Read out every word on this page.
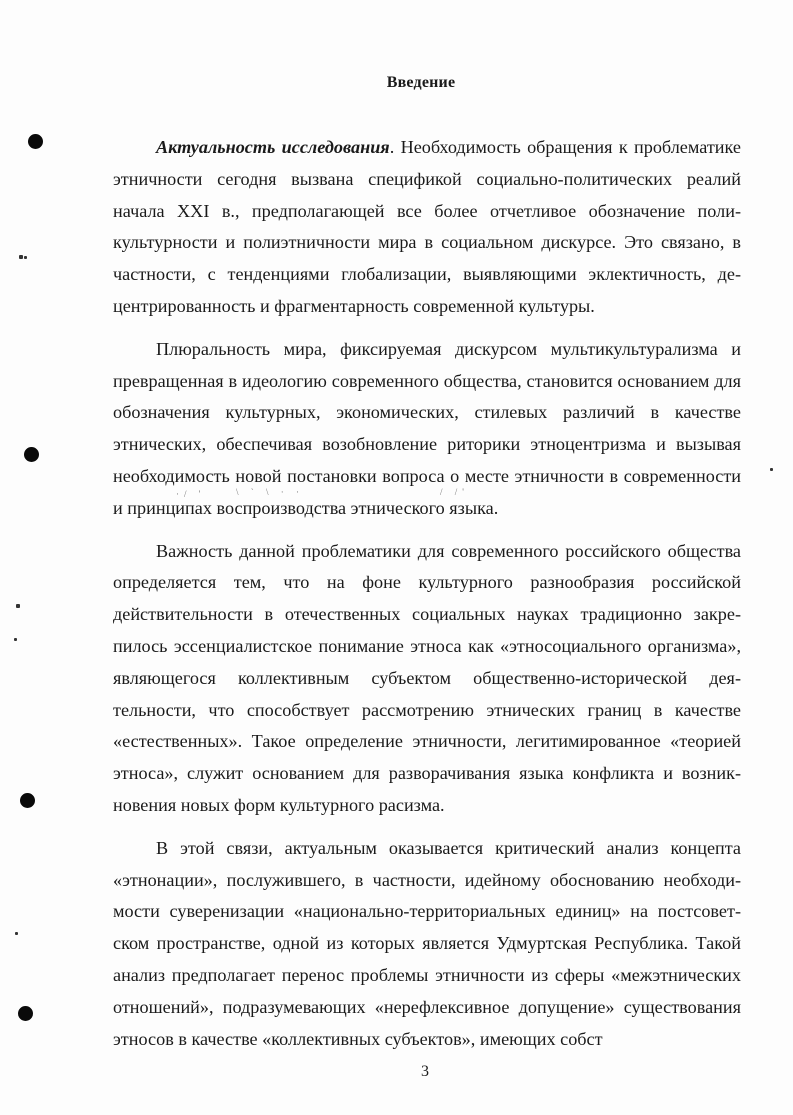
\ ` \ · ·	/ /'
·/ '
Введение

Актуальность исследования. Необходимость обращения к проблематике этничности сегодня вызвана спецификой социально-политических реалий начала XXI в., предполагающей все более отчетливое обозначение поликультурности и полиэтничности мира в социальном дискурсе. Это связано, в частности, с тенденциями глобализации, выявляющими эклектичность, децентрированность и фрагментарность современной культуры.

Плюральность мира, фиксируемая дискурсом мультикультурализма и превращенная в идеологию современного общества, становится основанием для обозначения культурных, экономических, стилевых различий в качестве этнических, обеспечивая возобновление риторики этноцентризма и вызывая необходимость новой постановки вопроса о месте этничности в современности и принципах воспроизводства этнического языка.

Важность данной проблематики для современного российского общества определяется тем, что на фоне культурного разнообразия российской действительности в отечественных социальных науках традиционно закрепилось эссенциалистское понимание этноса как «этносоциального организма», являющегося коллективным субъектом общественно-исторической деятельности, что способствует рассмотрению этнических границ в качестве «естественных». Такое определение этничности, легитимированное «теорией этноса», служит основанием для разворачивания языка конфликта и возникновения новых форм культурного расизма.

В этой связи, актуальным оказывается критический анализ концепта «этнонации», послужившего, в частности, идейному обоснованию необходимости суверенизации «национально-территориальных единиц» на постсоветском пространстве, одной из которых является Удмуртская Республика. Такой анализ предполагает перенос проблемы этничности из сферы «межэтнических отношений», подразумевающих «нерефлексивное допущение» существования этносов в качестве «коллективных субъектов», имеющих собст

3
